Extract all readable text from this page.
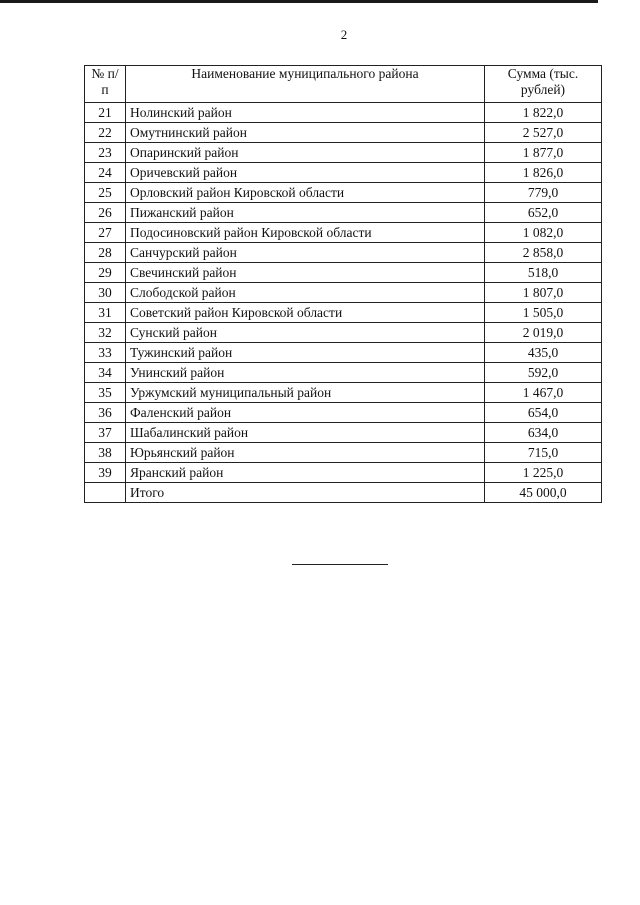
2
№ п/п	Наименование муниципального района	Сумма (тыс. рублей)
21	Нолинский район	1 822,0
22	Омутнинский район	2 527,0
23	Опаринский район	1 877,0
24	Оричевский район	1 826,0
25	Орловский район Кировской области	779,0
26	Пижанский район	652,0
27	Подосиновский район Кировской области	1 082,0
28	Санчурский район	2 858,0
29	Свечинский район	518,0
30	Слободской район	1 807,0
31	Советский район Кировской области	1 505,0
32	Сунский район	2 019,0
33	Тужинский район	435,0
34	Унинский район	592,0
35	Уржумский муниципальный район	1 467,0
36	Фаленский район	654,0
37	Шабалинский район	634,0
38	Юрьянский район	715,0
39	Яранский район	1 225,0
	Итого	45 000,0
